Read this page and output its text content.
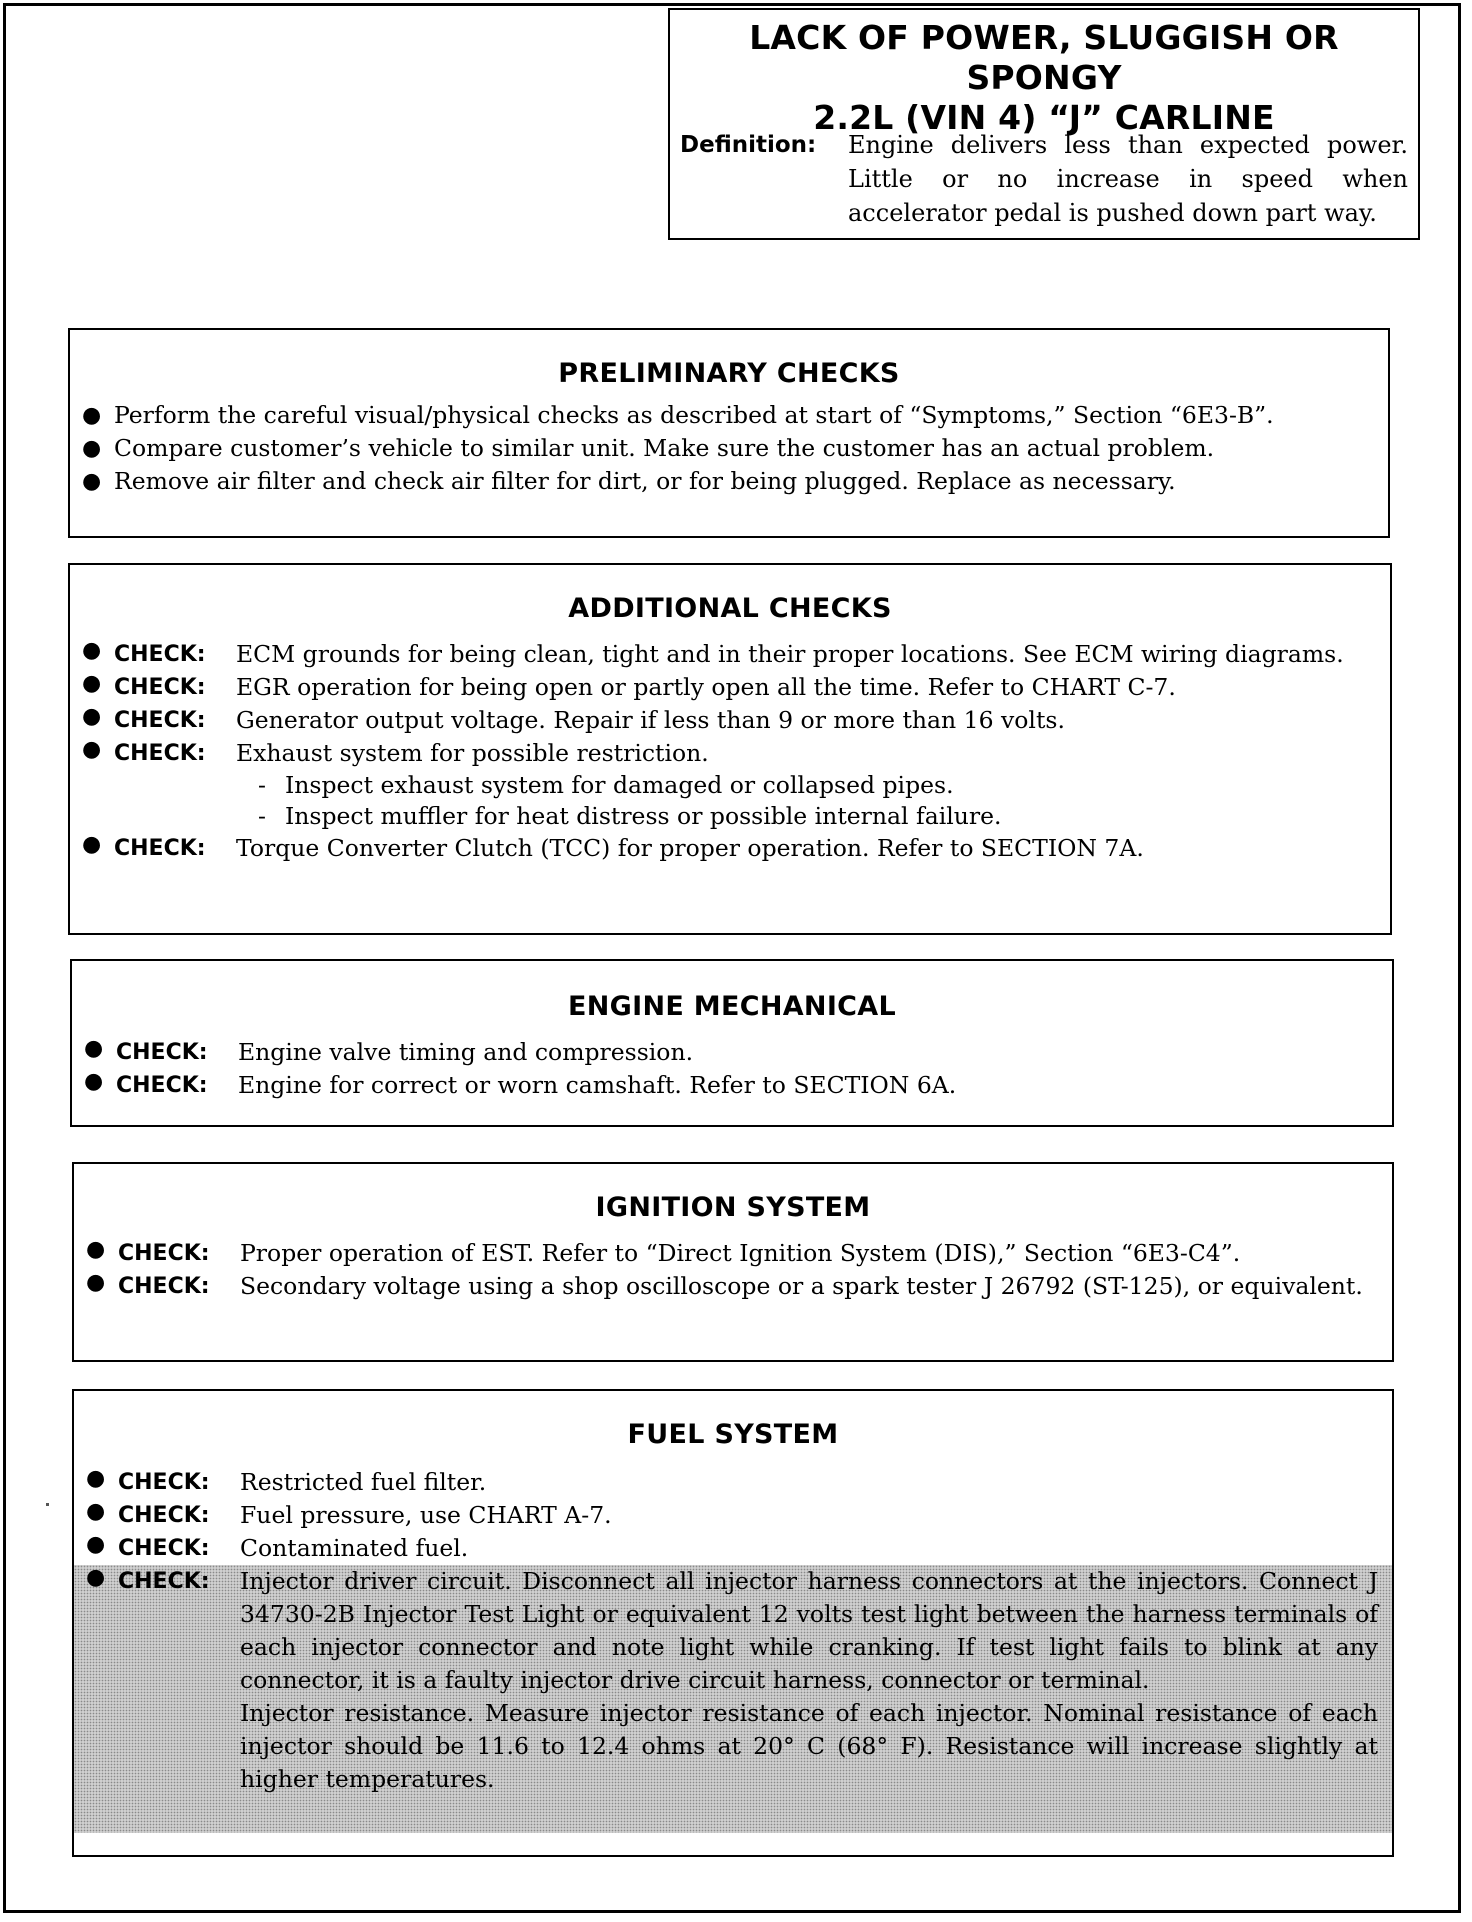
LACK OF POWER, SLUGGISH OR SPONGY
2.2L (VIN 4) “J” CARLINE
Definition:	Engine delivers less than expected power. Little or no increase in speed when accelerator pedal is pushed down part way.
PRELIMINARY CHECKS
● Perform the careful visual/physical checks as described at start of “Symptoms,” Section “6E3-B”.
● Compare customer’s vehicle to similar unit. Make sure the customer has an actual problem.
● Remove air filter and check air filter for dirt, or for being plugged. Replace as necessary.
ADDITIONAL CHECKS
● CHECK:	ECM grounds for being clean, tight and in their proper locations. See ECM wiring diagrams.
● CHECK:	EGR operation for being open or partly open all the time. Refer to CHART C-7.
● CHECK:	Generator output voltage. Repair if less than 9 or more than 16 volts.
● CHECK:	Exhaust system for possible restriction.
- Inspect exhaust system for damaged or collapsed pipes.
- Inspect muffler for heat distress or possible internal failure.
● CHECK:	Torque Converter Clutch (TCC) for proper operation. Refer to SECTION 7A.
ENGINE MECHANICAL
● CHECK:	Engine valve timing and compression.
● CHECK:	Engine for correct or worn camshaft. Refer to SECTION 6A.
IGNITION SYSTEM
● CHECK:	Proper operation of EST. Refer to “Direct Ignition System (DIS),” Section “6E3-C4”.
● CHECK:	Secondary voltage using a shop oscilloscope or a spark tester J 26792 (ST-125), or equivalent.
FUEL SYSTEM
● CHECK:	Restricted fuel filter.
● CHECK:	Fuel pressure, use CHART A-7.
● CHECK:	Contaminated fuel.
● CHECK:	Injector driver circuit. Disconnect all injector harness connectors at the injectors. Connect J 34730-2B Injector Test Light or equivalent 12 volts test light between the harness terminals of each injector connector and note light while cranking. If test light fails to blink at any connector, it is a faulty injector drive circuit harness, connector or terminal.
Injector resistance. Measure injector resistance of each injector. Nominal resistance of each injector should be 11.6 to 12.4 ohms at 20° C (68° F). Resistance will increase slightly at higher temperatures.
